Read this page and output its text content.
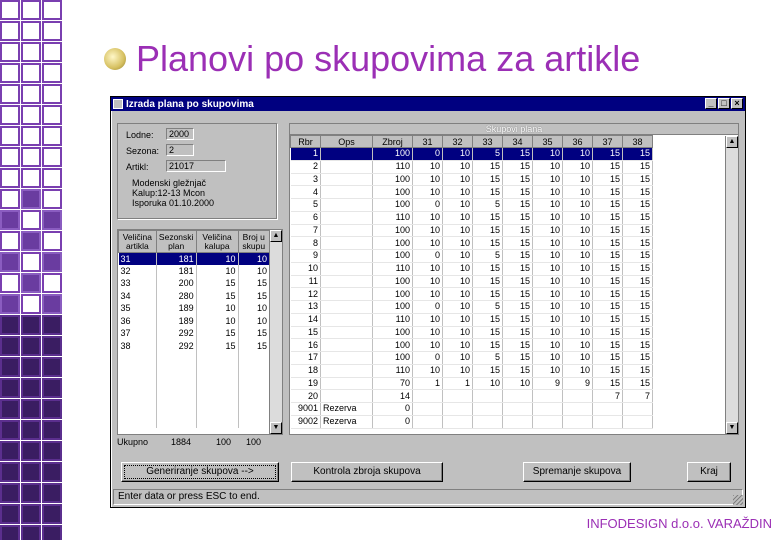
Planovi po skupovima za artikle
Izrada plana po skupovima	_ □ ×
Lodne:	2000
Sezona:	2
Artikl:	21017
Modenski gležnjač
Kalup:12-13 Mcon
Isporuka 01.10.2000
Veličina artikla	Sezonski plan	Veličina kalupa	Broj u skupu
31	181	10	10
32	181	10	10
33	200	15	15
34	280	15	15
35	189	10	10
36	189	10	10
37	292	15	15
38	292	15	15

▲
▼
Ukupno	1884	100	100
Skupovi plana
Rbr	Ops	Zbroj	31	32	33	34	35	36	37	38
1		100	0	10	5	15	10	10	15	15
2		110	10	10	15	15	10	10	15	15
3		100	10	10	15	15	10	10	15	15
4		100	10	10	15	15	10	10	15	15
5		100	0	10	5	15	10	10	15	15
6		110	10	10	15	15	10	10	15	15
7		100	10	10	15	15	10	10	15	15
8		100	10	10	15	15	10	10	15	15
9		100	0	10	5	15	10	10	15	15
10		110	10	10	15	15	10	10	15	15
11		100	10	10	15	15	10	10	15	15
12		100	10	10	15	15	10	10	15	15
13		100	0	10	5	15	10	10	15	15
14		110	10	10	15	15	10	10	15	15
15		100	10	10	15	15	10	10	15	15
16		100	10	10	15	15	10	10	15	15
17		100	0	10	5	15	10	10	15	15
18		110	10	10	15	15	10	10	15	15
19		70	1	1	10	10	9	9	15	15
20		14							7	7
9001	Rezerva	0								
9002	Rezerva	0								
▲
▼
Generiranje skupova -->	Kontrola zbroja skupova	Spremanje skupova	Kraj
Enter data or press ESC to end.
INFODESIGN d.o.o. VARAŽDIN
